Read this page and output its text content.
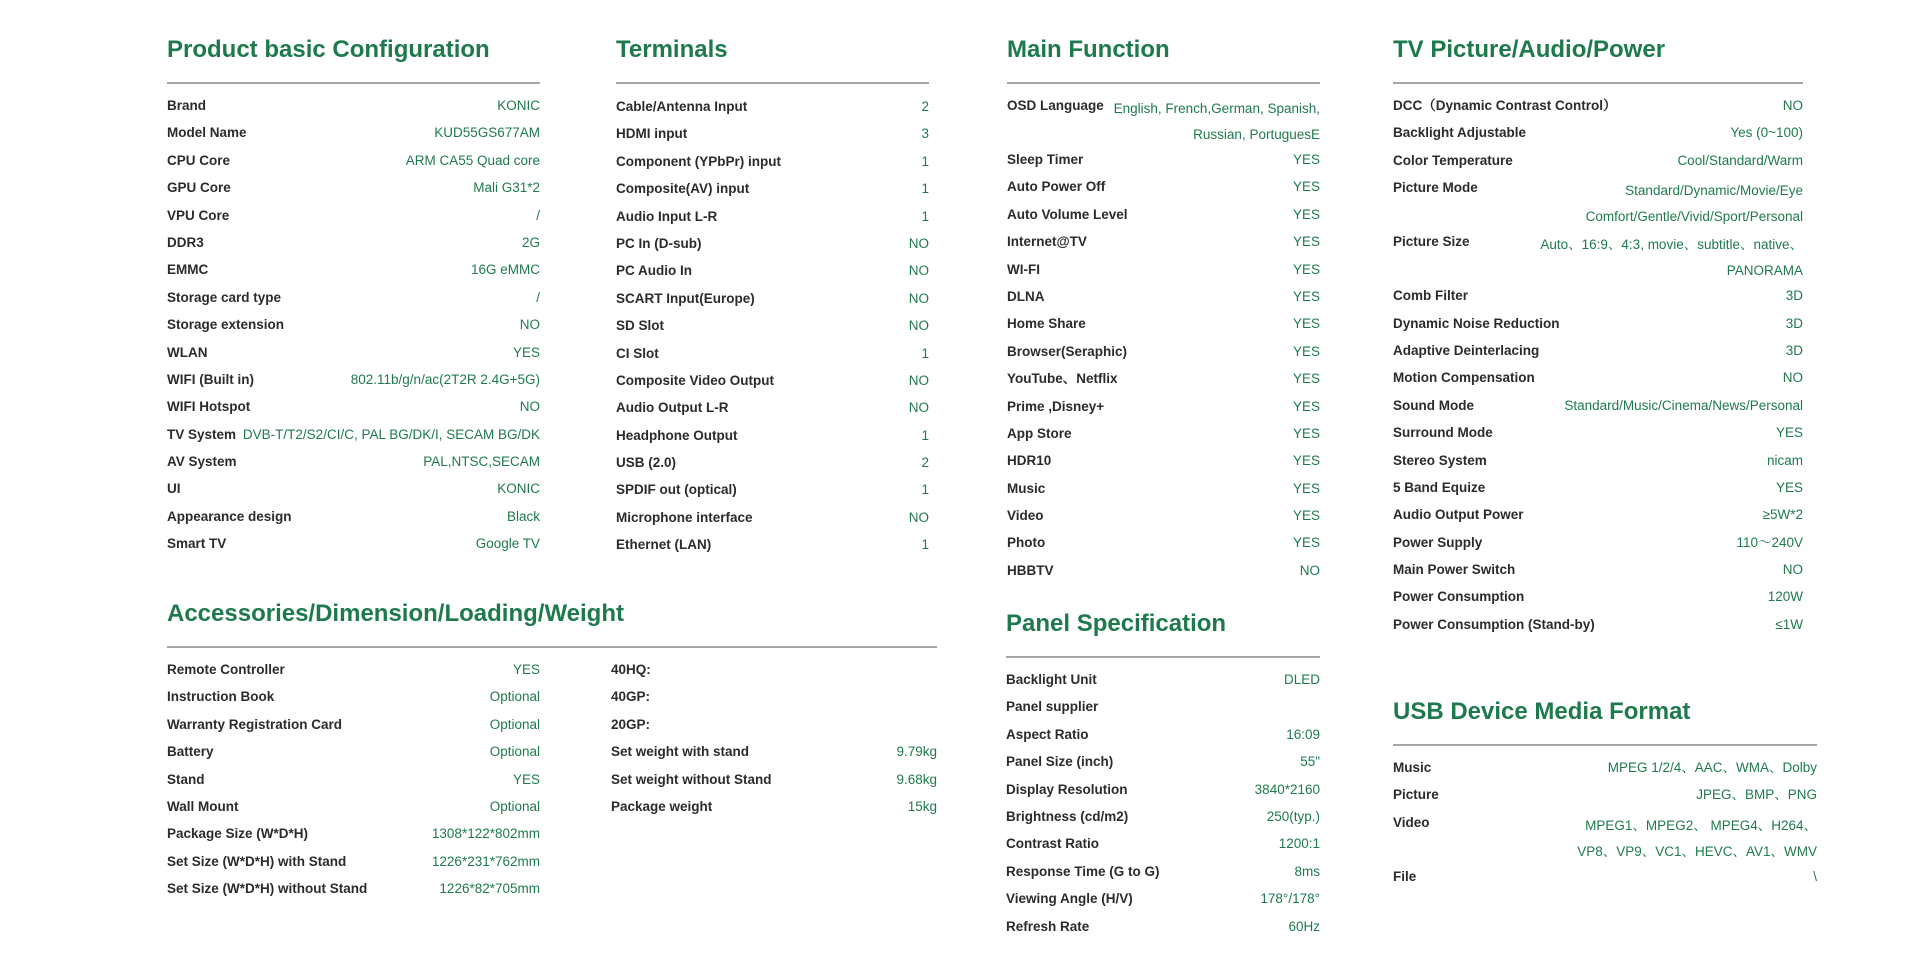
Product basic Configuration
Brand	KONIC
Model Name	KUD55GS677AM
CPU Core	ARM CA55 Quad core
GPU Core	Mali G31*2
VPU Core	/
DDR3	2G
EMMC	16G eMMC
Storage card type	/
Storage extension	NO
WLAN	YES
WIFI (Built in)	802.11b/g/n/ac(2T2R 2.4G+5G)
WIFI Hotspot	NO
TV System DVB-T/T2/S2/CI/C, PAL BG/DK/I, SECAM BG/DK
AV System	PAL,NTSC,SECAM
UI	KONIC
Appearance design	Black
Smart TV	Google TV
Terminals
Cable/Antenna Input	2
HDMI input	3
Component (YPbPr) input	1
Composite(AV) input	1
Audio Input L-R	1
PC In (D-sub)	NO
PC Audio In	NO
SCART Input(Europe)	NO
SD Slot	NO
CI Slot	1
Composite Video Output	NO
Audio Output L-R	NO
Headphone Output	1
USB (2.0)	2
SPDIF out (optical)	1
Microphone interface	NO
Ethernet (LAN)	1
Main Function
OSD Language English, French,German, Spanish,
Russian, PortuguesE
Sleep Timer	YES
Auto Power Off	YES
Auto Volume Level	YES
Internet@TV	YES
WI-FI	YES
DLNA	YES
Home Share	YES
Browser(Seraphic)	YES
YouTube、Netflix	YES
Prime ,Disney+	YES
App Store	YES
HDR10	YES
Music	YES
Video	YES
Photo	YES
HBBTV	NO
TV Picture/Audio/Power
DCC（Dynamic Contrast Control）	NO
Backlight Adjustable	Yes (0~100)
Color Temperature	Cool/Standard/Warm
Picture Mode	Standard/Dynamic/Movie/Eye
Comfort/Gentle/Vivid/Sport/Personal
Picture Size	Auto、16:9、4:3, movie、subtitle、native、
PANORAMA
Comb Filter	3D
Dynamic Noise Reduction	3D
Adaptive Deinterlacing	3D
Motion Compensation	NO
Sound Mode	Standard/Music/Cinema/News/Personal
Surround Mode	YES
Stereo System	nicam
5 Band Equize	YES
Audio Output Power	≥5W*2
Power Supply	110～240V
Main Power Switch	NO
Power Consumption	120W
Power Consumption (Stand-by)	≤1W
Accessories/Dimension/Loading/Weight
Remote Controller	YES
Instruction Book	Optional
Warranty Registration Card	Optional
Battery	Optional
Stand	YES
Wall Mount	Optional
Package Size (W*D*H)	1308*122*802mm
Set Size (W*D*H) with Stand	1226*231*762mm
Set Size (W*D*H) without Stand	1226*82*705mm
40HQ:
40GP:
20GP:
Set weight with stand	9.79kg
Set weight without Stand	9.68kg
Package weight	15kg
Panel Specification
Backlight Unit	DLED
Panel supplier
Aspect Ratio	16:09
Panel Size (inch)	55"
Display Resolution	3840*2160
Brightness (cd/m2)	250(typ.)
Contrast Ratio	1200:1
Response Time (G to G)	8ms
Viewing Angle (H/V)	178°/178°
Refresh Rate	60Hz
USB Device Media Format
Music	MPEG 1/2/4、AAC、WMA、Dolby
Picture	JPEG、BMP、PNG
Video	MPEG1、MPEG2、 MPEG4、H264、
VP8、VP9、VC1、HEVC、AV1、WMV
File	\
